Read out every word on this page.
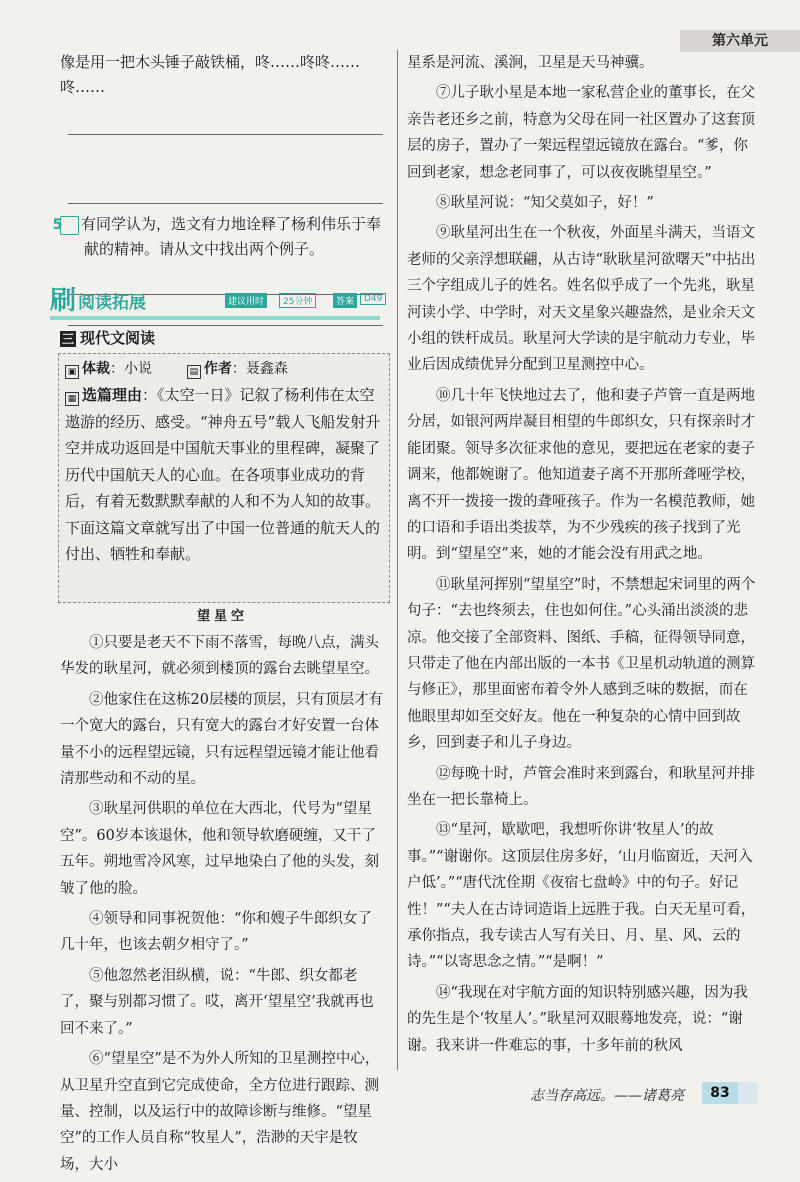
第六单元

像是用一把木头锤子敲铁桶，咚……咚咚……咚……

5 有同学认为，选文有力地诠释了杨利伟乐于奉献的精神。请从文中找出两个例子。

刷 阅读拓展	建议用时	25分钟	答案	D49
三 现代文阅读
▣ 体裁：小说	▤ 作者：聂鑫森
▦ 选篇理由：《太空一日》记叙了杨利伟在太空遨游的经历、感受。“神舟五号”载人飞船发射升空并成功返回是中国航天事业的里程碑，凝聚了历代中国航天人的心血。在各项事业成功的背后，有着无数默默奉献的人和不为人知的故事。下面这篇文章就写出了中国一位普通的航天人的付出、牺牲和奉献。
望星空

①只要是老天不下雨不落雪，每晚八点，满头华发的耿星河，就必须到楼顶的露台去眺望星空。

②他家住在这栋20层楼的顶层，只有顶层才有一个宽大的露台，只有宽大的露台才好安置一台体量不小的远程望远镜，只有远程望远镜才能让他看清那些动和不动的星。

③耿星河供职的单位在大西北，代号为“望星空”。60岁本该退休，他和领导软磨硬缠，又干了五年。朔地雪冷风寒，过早地染白了他的头发，刻皱了他的脸。

④领导和同事祝贺他：“你和嫂子牛郎织女了几十年，也该去朝夕相守了。”

⑤他忽然老泪纵横，说：“牛郎、织女都老了，聚与别都习惯了。哎，离开‘望星空’我就再也回不来了。”

⑥“望星空”是不为外人所知的卫星测控中心，从卫星升空直到它完成使命，全方位进行跟踪、测量、控制，以及运行中的故障诊断与维修。“望星空”的工作人员自称“牧星人”，浩渺的天宇是牧场，大小

星系是河流、溪涧，卫星是天马神骥。

⑦儿子耿小星是本地一家私营企业的董事长，在父亲告老还乡之前，特意为父母在同一社区置办了这套顶层的房子，置办了一架远程望远镜放在露台。“爹，你回到老家，想念老同事了，可以夜夜眺望星空。”

⑧耿星河说：“知父莫如子，好！”

⑨耿星河出生在一个秋夜，外面星斗满天，当语文老师的父亲浮想联翩，从古诗“耿耿星河欲曙天”中拈出三个字组成儿子的姓名。姓名似乎成了一个先兆，耿星河读小学、中学时，对天文星象兴趣盎然，是业余天文小组的铁杆成员。耿星河大学读的是宇航动力专业，毕业后因成绩优异分配到卫星测控中心。

⑩几十年飞快地过去了，他和妻子芦管一直是两地分居，如银河两岸凝目相望的牛郎织女，只有探亲时才能团聚。领导多次征求他的意见，要把远在老家的妻子调来，他都婉谢了。他知道妻子离不开那所聋哑学校，离不开一拨接一拨的聋哑孩子。作为一名模范教师，她的口语和手语出类拔萃，为不少残疾的孩子找到了光明。到“望星空”来，她的才能会没有用武之地。

⑪耿星河挥别“望星空”时，不禁想起宋词里的两个句子：“去也终须去，住也如何住。”心头涌出淡淡的悲凉。他交接了全部资料、图纸、手稿，征得领导同意，只带走了他在内部出版的一本书《卫星机动轨道的测算与修正》，那里面密布着令外人感到乏味的数据，而在他眼里却如至交好友。他在一种复杂的心情中回到故乡，回到妻子和儿子身边。

⑫每晚十时，芦管会准时来到露台，和耿星河并排坐在一把长靠椅上。

⑬“星河，歇歇吧，我想听你讲‘牧星人’的故事。”“谢谢你。这顶层住房多好，‘山月临窗近，天河入户低’。”“唐代沈佺期《夜宿七盘岭》中的句子。好记性！”“夫人在古诗词造诣上远胜于我。白天无星可看，承你指点，我专读古人写有关日、月、星、风、云的诗。”“以寄思念之情。”“是啊！”

⑭“我现在对宇航方面的知识特别感兴趣，因为我的先生是个‘牧星人’。”耿星河双眼蓦地发亮，说：“谢谢。我来讲一件难忘的事，十多年前的秋风

志当存高远。——诸葛亮	83
